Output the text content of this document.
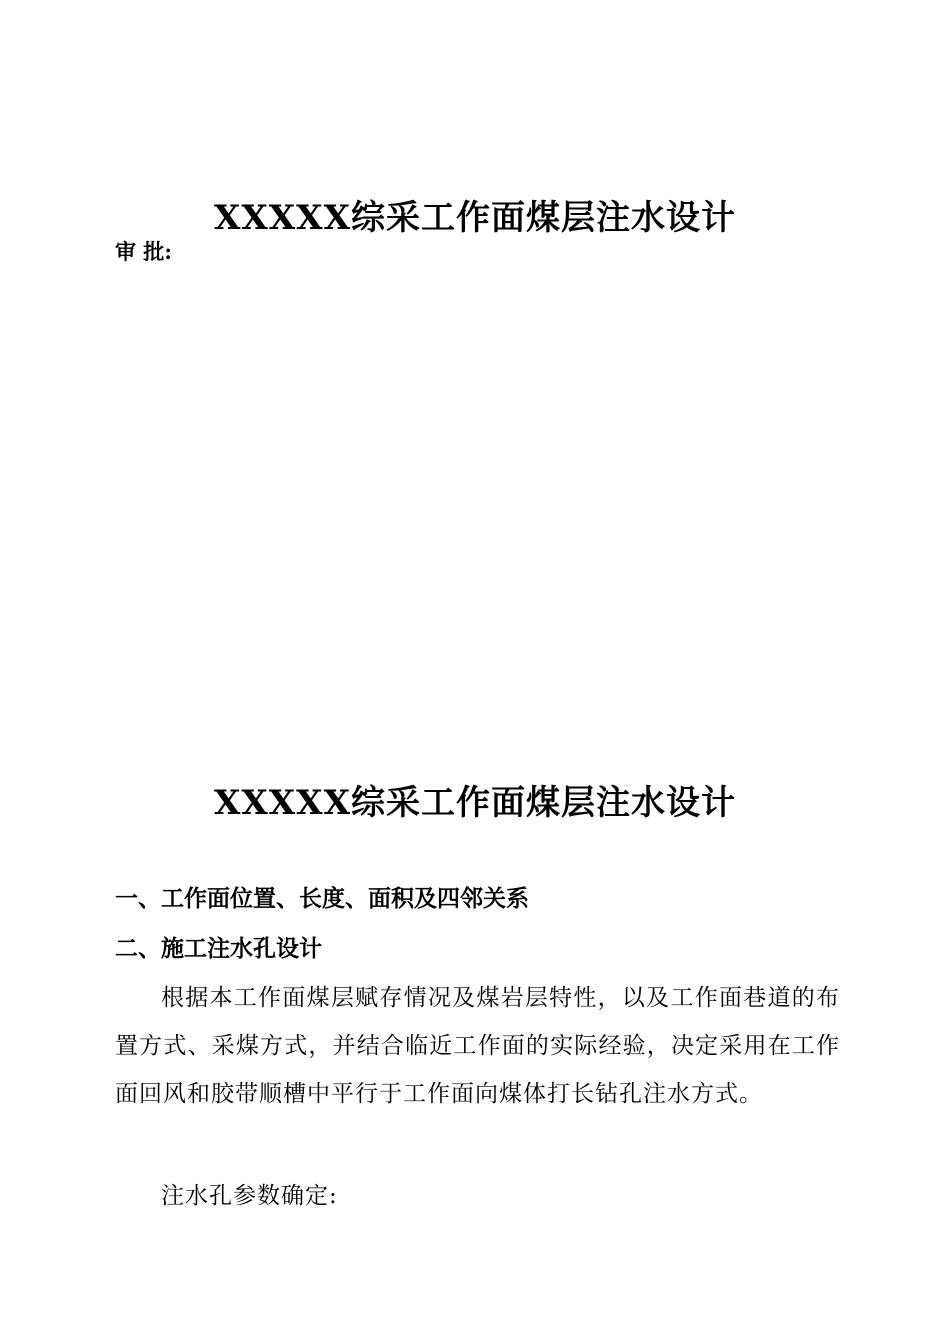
XXXXX综采工作面煤层注水设计
审 批:
XXXXX综采工作面煤层注水设计
一、工作面位置、长度、面积及四邻关系
二、施工注水孔设计
根据本工作面煤层赋存情况及煤岩层特性，以及工作面巷道的布置方式、采煤方式，并结合临近工作面的实际经验，决定采用在工作面回风和胶带顺槽中平行于工作面向煤体打长钻孔注水方式。
注水孔参数确定:
